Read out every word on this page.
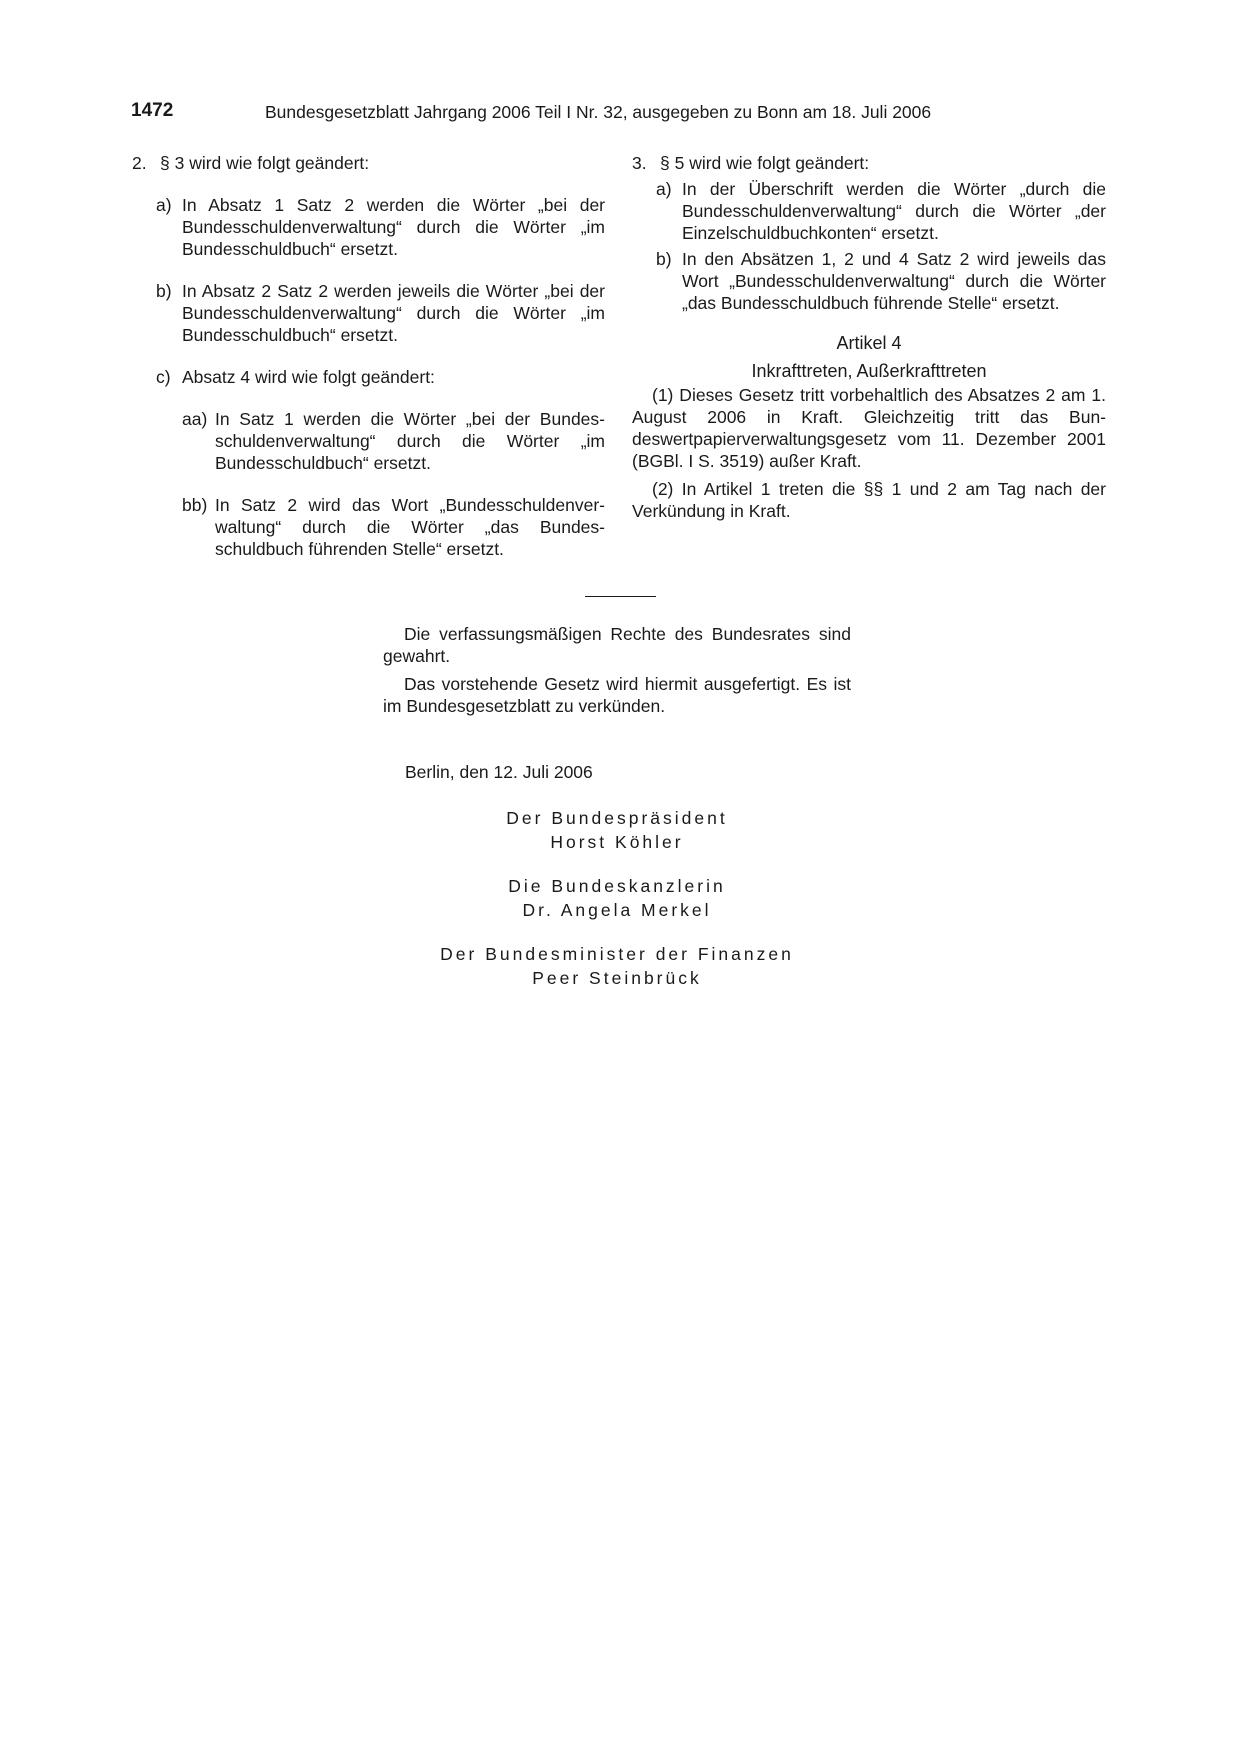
1472	Bundesgesetzblatt Jahrgang 2006 Teil I Nr. 32, ausgegeben zu Bonn am 18. Juli 2006
2. § 3 wird wie folgt geändert:
a) In Absatz 1 Satz 2 werden die Wörter „bei der Bundesschuldenverwaltung“ durch die Wörter „im Bundesschuldbuch“ ersetzt.
b) In Absatz 2 Satz 2 werden jeweils die Wörter „bei der Bundesschuldenverwaltung“ durch die Wörter „im Bundesschuldbuch“ ersetzt.
c) Absatz 4 wird wie folgt geändert:
aa) In Satz 1 werden die Wörter „bei der Bundesschuldenverwaltung“ durch die Wörter „im Bundesschuldbuch“ ersetzt.
bb) In Satz 2 wird das Wort „Bundesschuldenverwaltung“ durch die Wörter „das Bundesschuldbuch führenden Stelle“ ersetzt.
3. § 5 wird wie folgt geändert:
a) In der Überschrift werden die Wörter „durch die Bundesschuldenverwaltung“ durch die Wörter „der Einzelschuldbuchkonten“ ersetzt.
b) In den Absätzen 1, 2 und 4 Satz 2 wird jeweils das Wort „Bundesschuldenverwaltung“ durch die Wörter „das Bundesschuldbuch führende Stelle“ ersetzt.
Artikel 4
Inkrafttreten, Außerkrafttreten
(1) Dieses Gesetz tritt vorbehaltlich des Absatzes 2 am 1. August 2006 in Kraft. Gleichzeitig tritt das Bundeswertpapierverwaltungsgesetz vom 11. Dezember 2001 (BGBl. I S. 3519) außer Kraft.
(2) In Artikel 1 treten die §§ 1 und 2 am Tag nach der Verkündung in Kraft.

Die verfassungsmäßigen Rechte des Bundesrates sind gewahrt.

Das vorstehende Gesetz wird hiermit ausgefertigt. Es ist im Bundesgesetzblatt zu verkünden.

Berlin, den 12. Juli 2006
Der Bundespräsident
Horst Köhler
Die Bundeskanzlerin
Dr. Angela Merkel
Der Bundesminister der Finanzen
Peer Steinbrück
